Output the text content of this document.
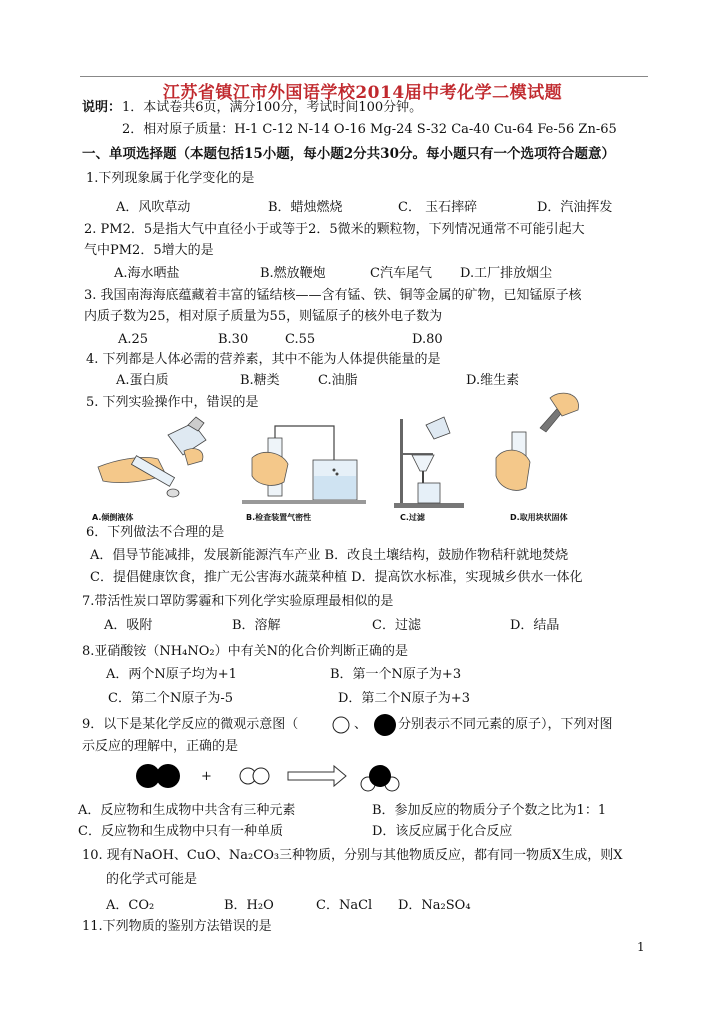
江苏省镇江市外国语学校2014届中考化学二模试题
说明： 1．本试卷共6页，满分100分，考试时间100分钟。
2．相对原子质量：H-1 C-12 N-14 O-16 Mg-24 S-32 Ca-40 Cu-64 Fe-56 Zn-65
一、单项选择题（本题包括15小题，每小题2分共30分。每小题只有一个选项符合题意）
1.下列现象属于化学变化的是
A．风吹草动	B．蜡烛燃烧	C． 玉石摔碎	D．汽油挥发
2. PM2．5是指大气中直径小于或等于2．5微米的颗粒物，下列情况通常不可能引起大
气中PM2．5增大的是
A.海水晒盐	B.燃放鞭炮	C汽车尾气 D.工厂排放烟尘
3. 我国南海海底蕴藏着丰富的锰结核——含有锰、铁、铜等金属的矿物，已知锰原子核
内质子数为25，相对原子质量为55，则锰原子的核外电子数为
A.25	B.30	C.55	D.80
4. 下列都是人体必需的营养素，其中不能为人体提供能量的是
A.蛋白质	B.糖类	C.油脂	D.维生素
5. 下列实验操作中，错误的是
A.倾倒液体	B.检查装置气密性	C.过滤	D.取用块状固体
6．下列做法不合理的是
A．倡导节能减排，发展新能源汽车产业 B．改良土壤结构，鼓励作物秸秆就地焚烧
C．提倡健康饮食，推广无公害海水蔬菜种植 D．提高饮水标准，实现城乡供水一体化
7.带活性炭口罩防雾霾和下列化学实验原理最相似的是
A．吸附	B．溶解	C．过滤	D．结晶
8.亚硝酸铵（NH₄NO₂）中有关N的化合价判断正确的是
A．两个N原子均为+1	B．第一个N原子为+3
C．第二个N原子为-5	D．第二个N原子为+3
9．以下是某化学反应的微观示意图（	、 分别表示不同元素的原子），下列对图
示反应的理解中，正确的是
+
A．反应物和生成物中共含有三种元素	B．参加反应的物质分子个数之比为1：1
C．反应物和生成物中只有一种单质	D．该反应属于化合反应
10. 现有NaOH、CuO、Na₂CO₃三种物质，分别与其他物质反应，都有同一物质X生成，则X
的化学式可能是
A．CO₂	B．H₂O	C．NaCl D．Na₂SO₄
11.下列物质的鉴别方法错误的是
1
